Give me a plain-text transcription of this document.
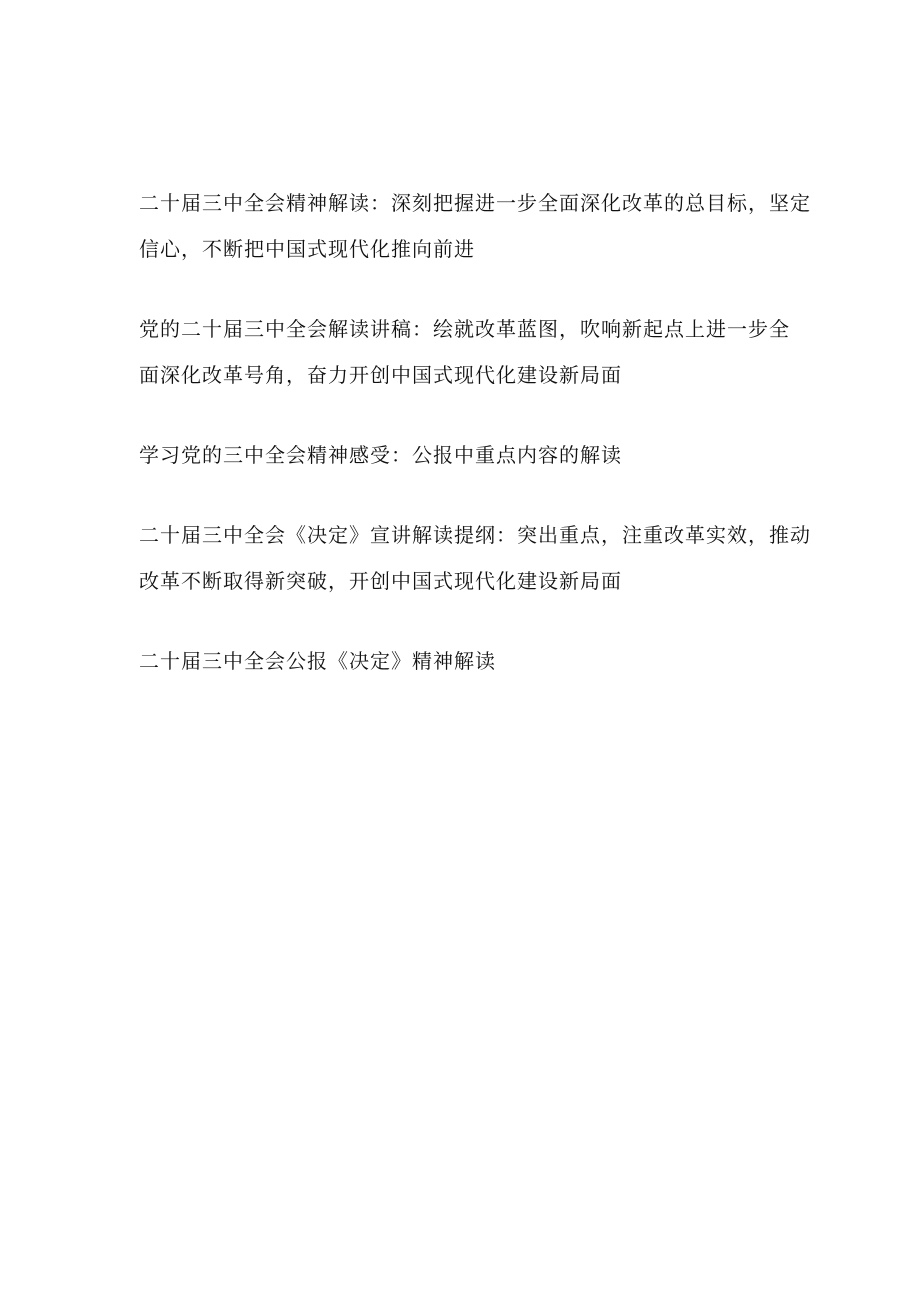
二十届三中全会精神解读：深刻把握进一步全面深化改革的总目标，坚定
信心，不断把中国式现代化推向前进

党的二十届三中全会解读讲稿：绘就改革蓝图，吹响新起点上进一步全
面深化改革号角，奋力开创中国式现代化建设新局面

学习党的三中全会精神感受：公报中重点内容的解读

二十届三中全会《决定》宣讲解读提纲：突出重点，注重改革实效，推动
改革不断取得新突破，开创中国式现代化建设新局面

二十届三中全会公报《决定》精神解读
